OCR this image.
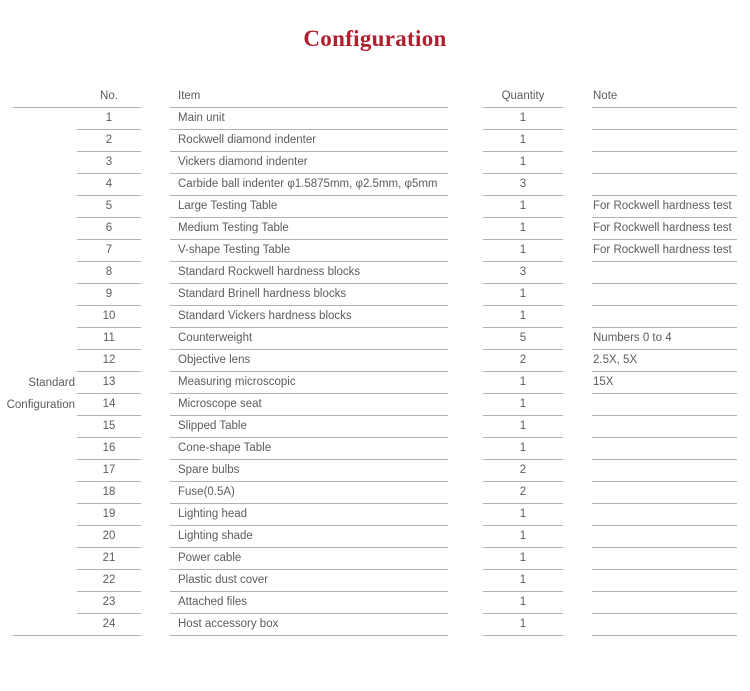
Configuration
No.	Item	Quantity	Note
1	Main unit	1
2	Rockwell diamond indenter	1
3	Vickers diamond indenter	1
4	Carbide ball indenter φ1.5875mm, φ2.5mm, φ5mm	3
5	Large Testing Table	1	For Rockwell hardness test
6	Medium Testing Table	1	For Rockwell hardness test
7	V-shape Testing Table	1	For Rockwell hardness test
8	Standard Rockwell hardness blocks	3
9	Standard Brinell hardness blocks	1
10	Standard Vickers hardness blocks	1
11	Counterweight	5	Numbers 0 to 4
12	Objective lens	2	2.5X, 5X
Standard	13	Measuring microscopic	1	15X
Configuration	14	Microscope seat	1
15	Slipped Table	1
16	Cone-shape Table	1
17	Spare bulbs	2
18	Fuse(0.5A)	2
19	Lighting head	1
20	Lighting shade	1
21	Power cable	1
22	Plastic dust cover	1
23	Attached files	1
24	Host accessory box	1
